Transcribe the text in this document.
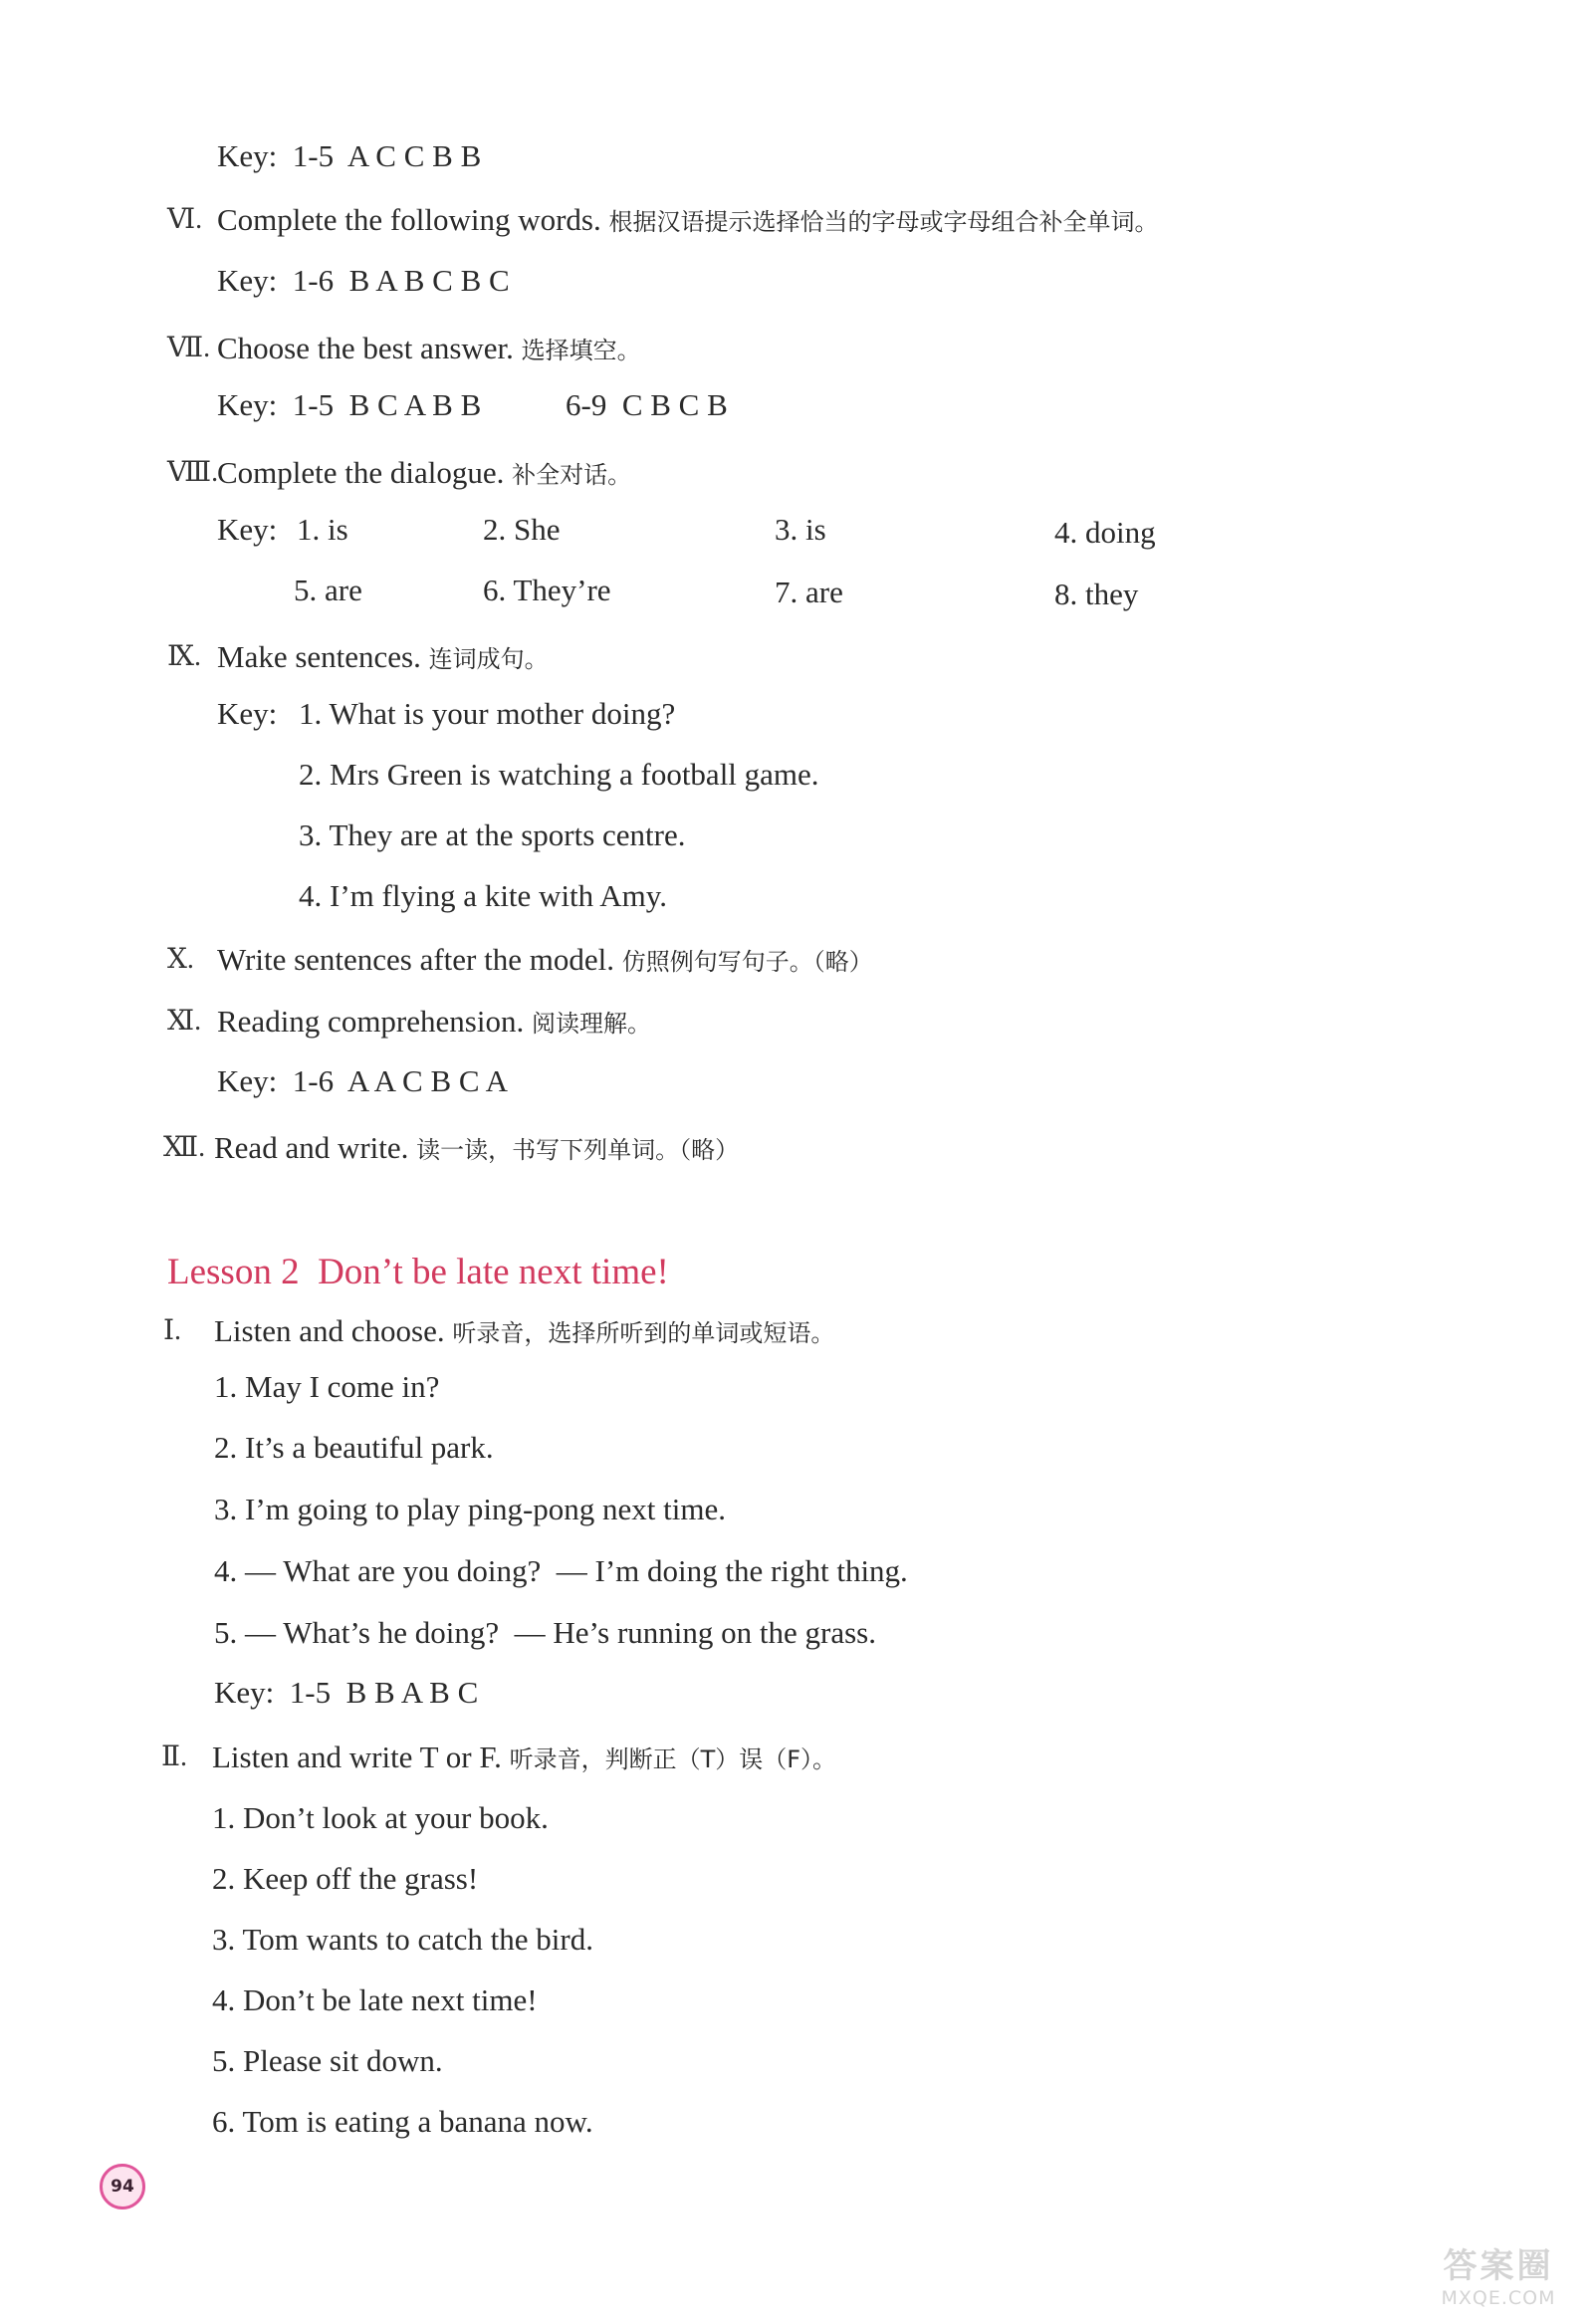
Key:  1-5  A C C B B
Ⅵ. Complete the following words. 根据汉语提示选择恰当的字母或字母组合补全单词。
Key:  1-6  B A B C B C
Ⅶ. Choose the best answer. 选择填空。
Key:  1-5  B C A B B	6-9  C B C B
Ⅷ.
Complete the dialogue. 补全对话。
Key: 1. is	2. She	3. is	4. doing
5. are	6. They’re	7. are	8. they
Ⅸ. Make sentences. 连词成句。
Key: 1. What is your mother doing?
2. Mrs Green is watching a football game.
3. They are at the sports centre.
4. I’m flying a kite with Amy.
Ⅹ. Write sentences after the model. 仿照例句写句子。（略）
Ⅺ. Reading comprehension. 阅读理解。
Key:  1-6  A A C B C A
Ⅻ. Read and write. 读一读，书写下列单词。（略）
Lesson 2  Don’t be late next time!
Ⅰ. Listen and choose. 听录音，选择所听到的单词或短语。
1. May I come in?
2. It’s a beautiful park.
3. I’m going to play ping-pong next time.
4. — What are you doing?  — I’m doing the right thing.
5. — What’s he doing?  — He’s running on the grass.
Key:  1-5  B B A B C
Ⅱ. Listen and write T or F. 听录音，判断正（T）误（F）。
1. Don’t look at your book.
2. Keep off the grass!
3. Tom wants to catch the bird.
4. Don’t be late next time!
5. Please sit down.
6. Tom is eating a banana now.
94
答案圈
MXQE.COM
